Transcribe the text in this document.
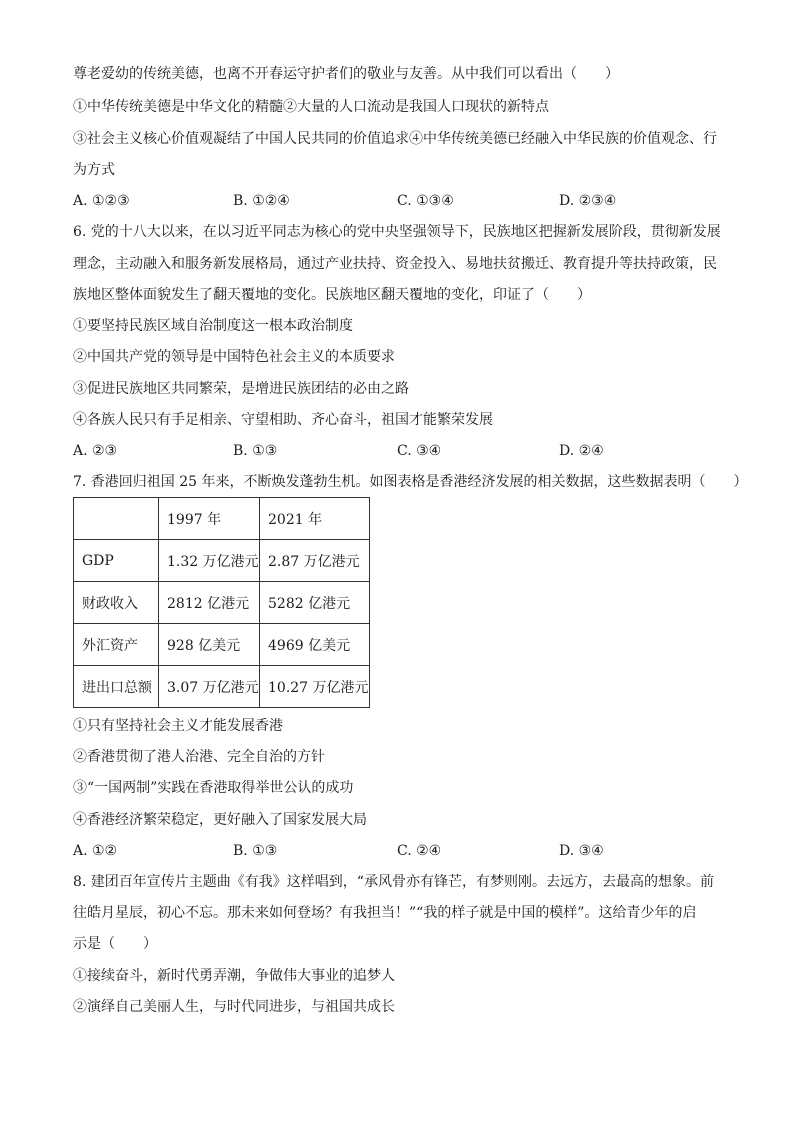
尊老爱幼的传统美德，也离不开春运守护者们的敬业与友善。从中我们可以看出（　　）
①中华传统美德是中华文化的精髓②大量的人口流动是我国人口现状的新特点
③社会主义核心价值观凝结了中国人民共同的价值追求④中华传统美德已经融入中华民族的价值观念、行
为方式
A. ①②③	B. ①②④	C. ①③④	D. ②③④
6. 党的十八大以来，在以习近平同志为核心的党中央坚强领导下，民族地区把握新发展阶段，贯彻新发展
理念，主动融入和服务新发展格局，通过产业扶持、资金投入、易地扶贫搬迁、教育提升等扶持政策，民
族地区整体面貌发生了翻天覆地的变化。民族地区翻天覆地的变化，印证了（　　）
①要坚持民族区域自治制度这一根本政治制度
②中国共产党的领导是中国特色社会主义的本质要求
③促进民族地区共同繁荣，是增进民族团结的必由之路
④各族人民只有手足相亲、守望相助、齐心奋斗，祖国才能繁荣发展
A. ②③	B. ①③	C. ③④	D. ②④
7. 香港回归祖国 25 年来，不断焕发蓬勃生机。如图表格是香港经济发展的相关数据，这些数据表明（　　）
	1997 年	2021 年
GDP	1.32 万亿港元	2.87 万亿港元
财政收入	2812 亿港元	5282 亿港元
外汇资产	928 亿美元	4969 亿美元
进出口总额	3.07 万亿港元	10.27 万亿港元
①只有坚持社会主义才能发展香港
②香港贯彻了港人治港、完全自治的方针
③“一国两制”实践在香港取得举世公认的成功
④香港经济繁荣稳定，更好融入了国家发展大局
A. ①②	B. ①③	C. ②④	D. ③④
8. 建团百年宣传片主题曲《有我》这样唱到，“承风骨亦有锋芒，有梦则刚。去远方，去最高的想象。前
往皓月星辰，初心不忘。那未来如何登场？有我担当！”“我的样子就是中国的模样”。这给青少年的启
示是（　　）
①接续奋斗，新时代勇弄潮，争做伟大事业的追梦人
②演绎自己美丽人生，与时代同进步，与祖国共成长
